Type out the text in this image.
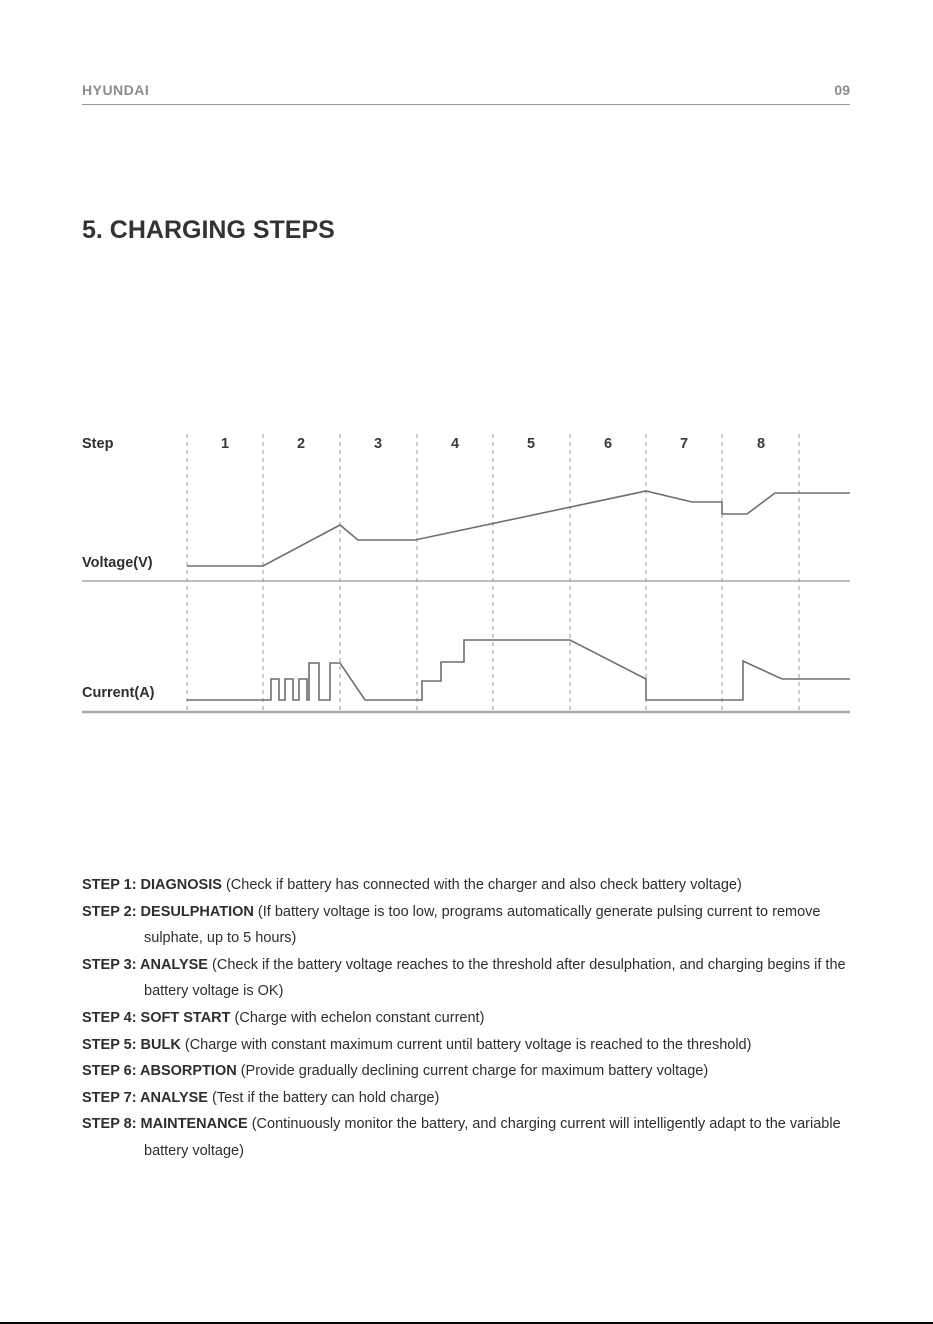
HYUNDAI	09
5. CHARGING STEPS
Step
Voltage(V)
Current(A)
1	2	3	4	5	6	7	8

STEP 1: DIAGNOSIS (Check if battery has connected with the charger and also check battery voltage)

STEP 2: DESULPHATION (If battery voltage is too low, programs automatically generate pulsing current to remove sulphate, up to 5 hours)

STEP 3: ANALYSE (Check if the battery voltage reaches to the threshold after desulphation, and charging begins if the battery voltage is OK)

STEP 4: SOFT START (Charge with echelon constant current)

STEP 5: BULK (Charge with constant maximum current until battery voltage is reached to the threshold)

STEP 6: ABSORPTION (Provide gradually declining current charge for maximum battery voltage)

STEP 7: ANALYSE (Test if the battery can hold charge)

STEP 8: MAINTENANCE (Continuously monitor the battery, and charging current will intelligently adapt to the variable battery voltage)
